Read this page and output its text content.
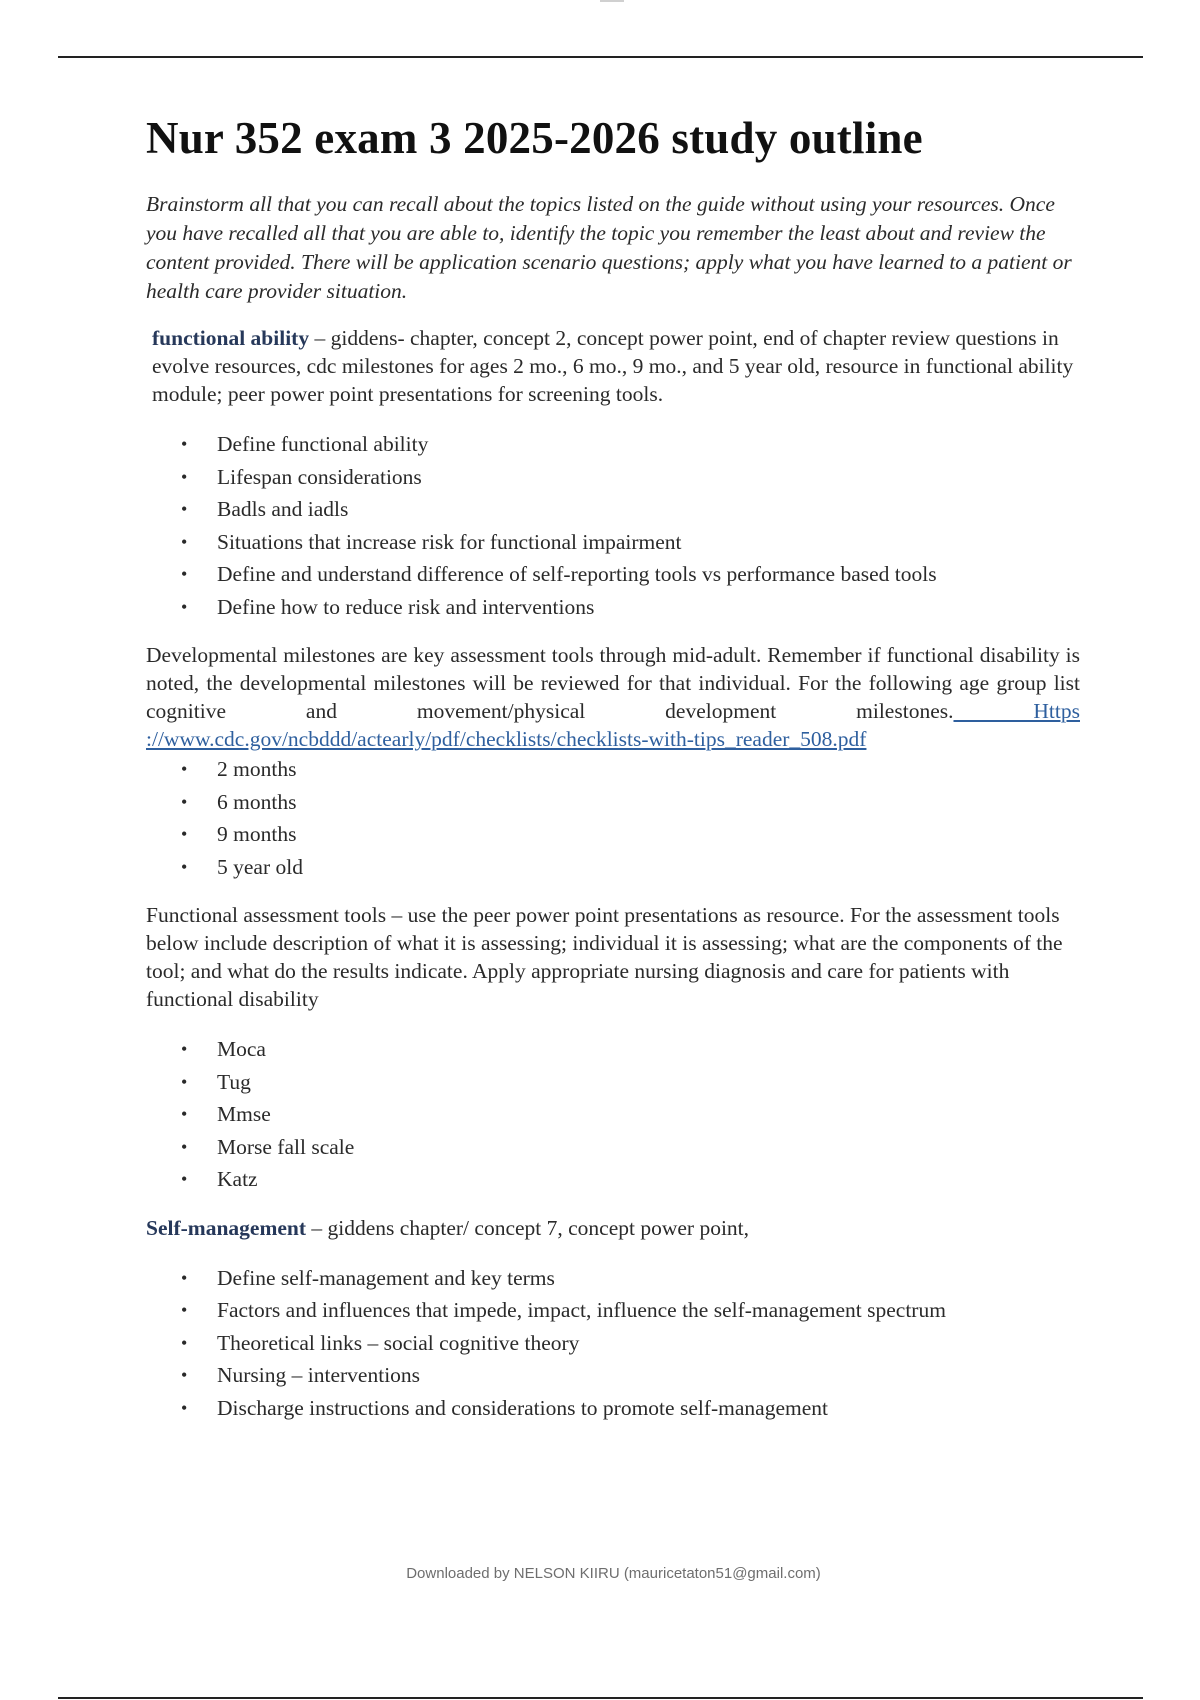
Nur 352 exam 3 2025-2026 study outline

Brainstorm all that you can recall about the topics listed on the guide without using your resources. Once you have recalled all that you are able to, identify the topic you remember the least about and review the content provided. There will be application scenario questions; apply what you have learned to a patient or health care provider situation.

functional ability – giddens- chapter, concept 2, concept power point, end of chapter review questions in evolve resources, cdc milestones for ages 2 mo., 6 mo., 9 mo., and 5 year old, resource in functional ability module; peer power point presentations for screening tools.

• Define functional ability
• Lifespan considerations
• Badls and iadls
• Situations that increase risk for functional impairment
• Define and understand difference of self-reporting tools vs performance based tools
• Define how to reduce risk and interventions

Developmental milestones are key assessment tools through mid-adult. Remember if functional disability is noted, the developmental milestones will be reviewed for that individual. For the following age group list cognitive and movement/physical development milestones. Https ://www.cdc.gov/ncbddd/actearly/pdf/checklists/checklists-with-tips_reader_508.pdf

• 2 months
• 6 months
• 9 months
• 5 year old

Functional assessment tools – use the peer power point presentations as resource. For the assessment tools below include description of what it is assessing; individual it is assessing; what are the components of the tool; and what do the results indicate. Apply appropriate nursing diagnosis and care for patients with functional disability

• Moca
• Tug
• Mmse
• Morse fall scale
• Katz

Self-management – giddens chapter/ concept 7, concept power point,

• Define self-management and key terms
• Factors and influences that impede, impact, influence the self-management spectrum
• Theoretical links – social cognitive theory
• Nursing – interventions
• Discharge instructions and considerations to promote self-management
Downloaded by NELSON KIIRU (mauricetaton51@gmail.com)
